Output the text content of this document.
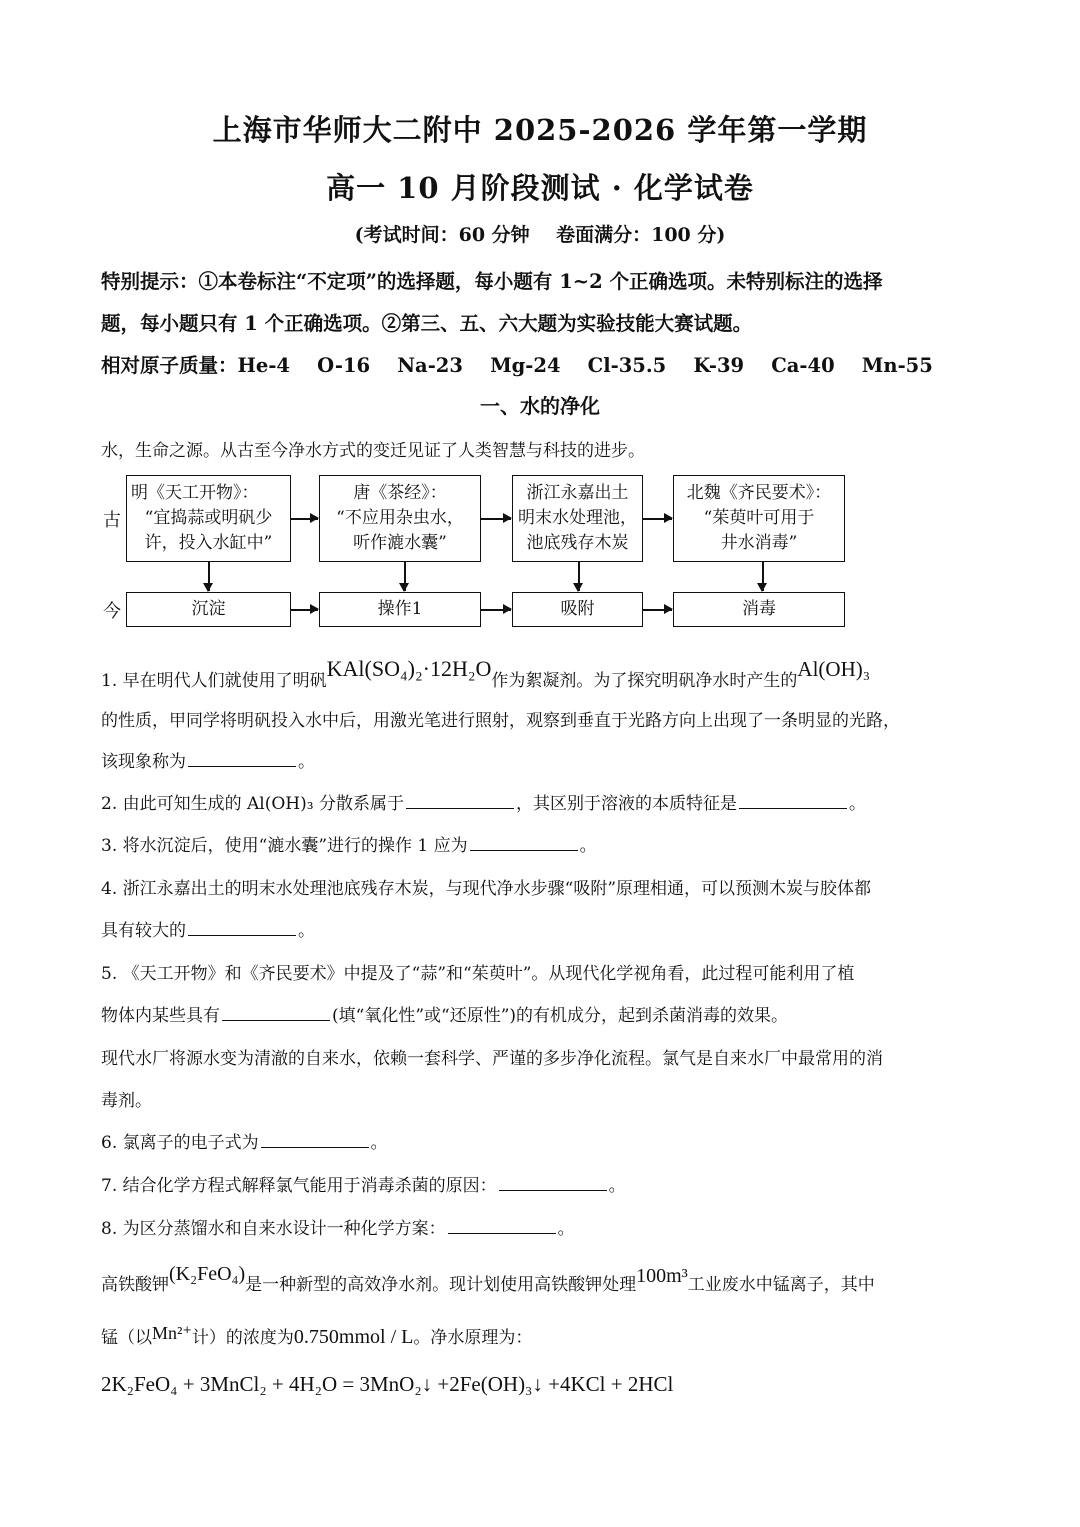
上海市华师大二附中 2025-2026 学年第一学期
高一 10 月阶段测试 · 化学试卷
(考试时间：60 分钟    卷面满分：100 分)
特别提示：①本卷标注“不定项”的选择题，每小题有 1~2 个正确选项。未特别标注的选择
题，每小题只有 1 个正确选项。②第三、五、六大题为实验技能大赛试题。
相对原子质量：He-4    O-16    Na-23    Mg-24    Cl-35.5    K-39    Ca-40    Mn-55
一、水的净化
水，生命之源。从古至今净水方式的变迁见证了人类智慧与科技的进步。
古
今
明《天工开物》：
“宜捣蒜或明矾少
许，投入水缸中”
唐《茶经》：
“不应用杂虫水，
听作漉水囊”
浙江永嘉出土
明末水处理池，
池底残存木炭
北魏《齐民要术》：
“茱萸叶可用于
井水消毒”
沉淀	操作1	吸附	消毒
1. 早在明代人们就使用了明矾KAl(SO₄)₂·12H₂O作为絮凝剂。为了探究明矾净水时产生的Al(OH)₃
的性质，甲同学将明矾投入水中后，用激光笔进行照射，观察到垂直于光路方向上出现了一条明显的光路，
该现象称为	。
2. 由此可知生成的 Al(OH)₃ 分散系属于	，其区别于溶液的本质特征是	。
3. 将水沉淀后，使用“漉水囊”进行的操作 1 应为	。
4. 浙江永嘉出土的明末水处理池底残存木炭，与现代净水步骤“吸附”原理相通，可以预测木炭与胶体都
具有较大的	。
5. 《天工开物》和《齐民要术》中提及了“蒜”和“茱萸叶”。从现代化学视角看，此过程可能利用了植
物体内某些具有	(填“氧化性”或“还原性”)的有机成分，起到杀菌消毒的效果。
现代水厂将源水变为清澈的自来水，依赖一套科学、严谨的多步净化流程。氯气是自来水厂中最常用的消
毒剂。
6. 氯离子的电子式为	。
7. 结合化学方程式解释氯气能用于消毒杀菌的原因：	。
8. 为区分蒸馏水和自来水设计一种化学方案：	。
高铁酸钾(K₂FeO₄)是一种新型的高效净水剂。现计划使用高铁酸钾处理100m³工业废水中锰离子，其中
锰（以Mn²⁺计）的浓度为0.750mmol / L。净水原理为：
2K₂FeO₄ + 3MnCl₂ + 4H₂O = 3MnO₂↓ +2Fe(OH)₃↓ +4KCl + 2HCl
